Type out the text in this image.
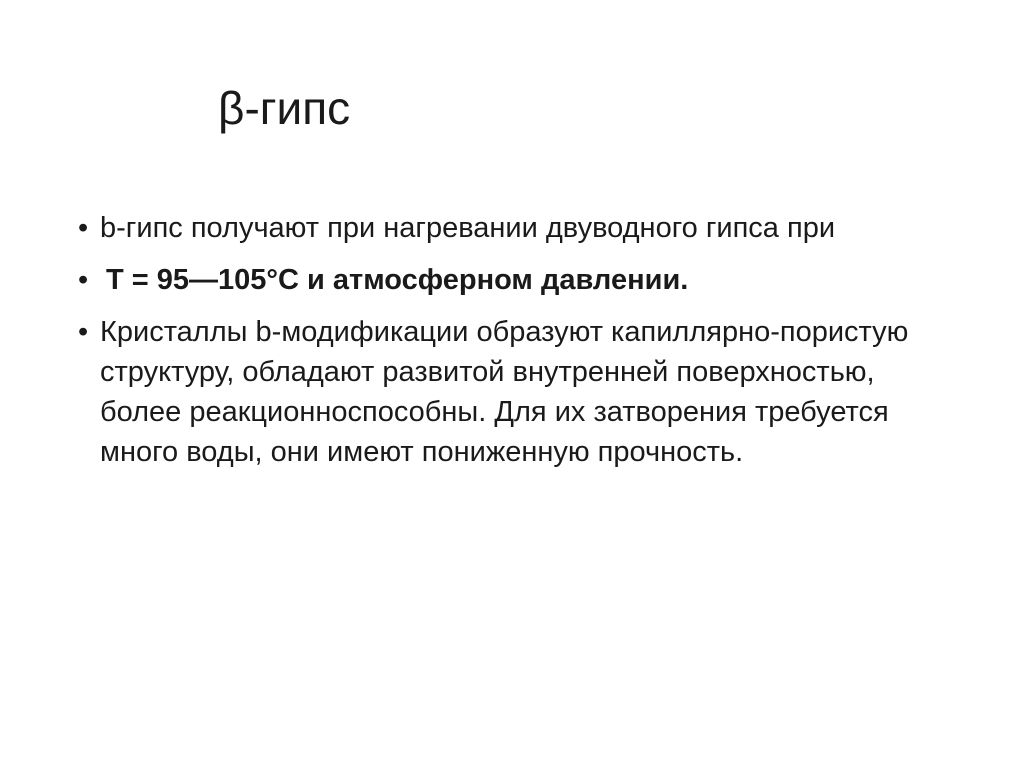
β-гипс
• b-гипс получают при нагревании двуводного гипса при
• Т = 95—105°С и атмосферном давлении.
• Кристаллы b-модификации образуют капиллярно-пористую структуру, обладают развитой внутренней поверхностью, более реакционноспособны. Для их затворения требуется много воды, они имеют пониженную прочность.
